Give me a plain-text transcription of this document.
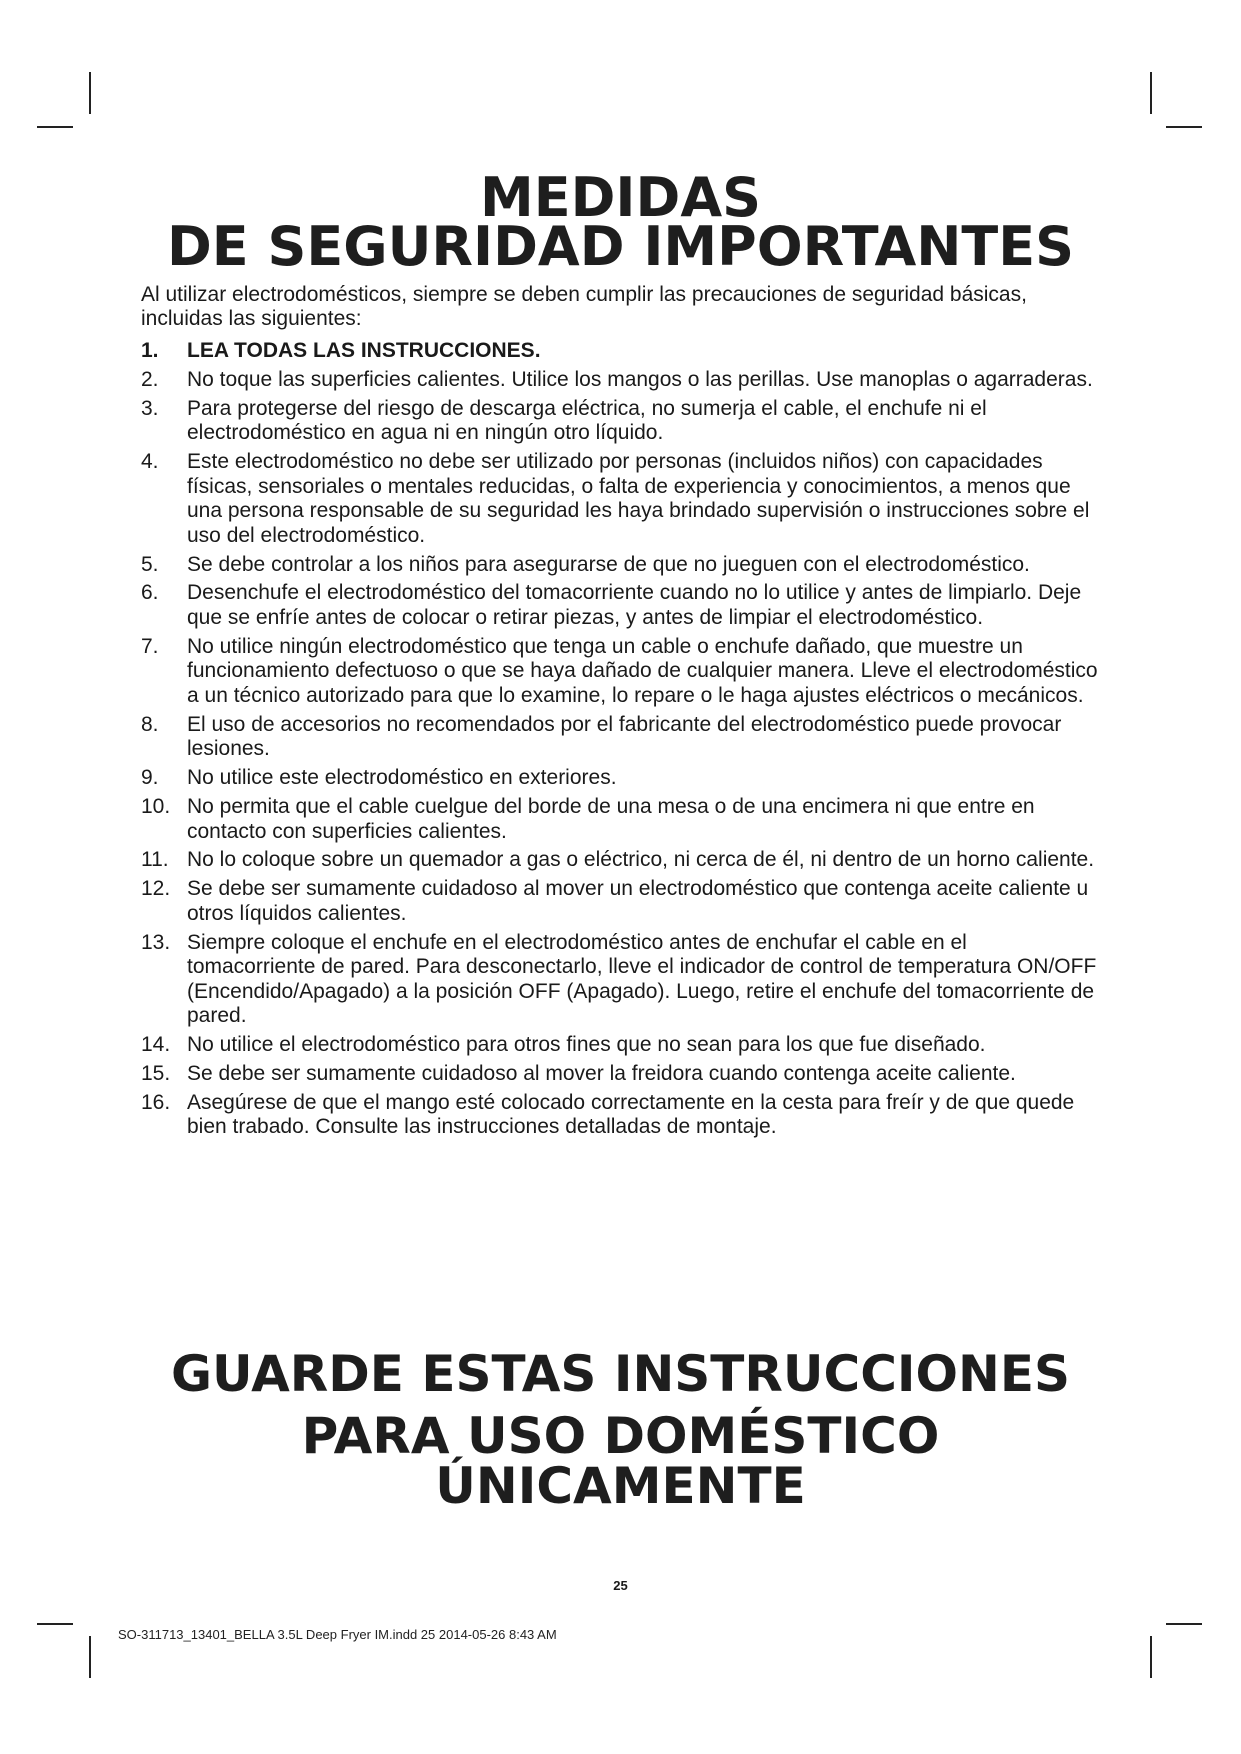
MEDIDAS
DE SEGURIDAD IMPORTANTES

Al utilizar electrodomésticos, siempre se deben cumplir las precauciones de seguridad básicas, incluidas las siguientes:

1. LEA TODAS LAS INSTRUCCIONES.
2. No toque las superficies calientes. Utilice los mangos o las perillas. Use manoplas o agarraderas.
3. Para protegerse del riesgo de descarga eléctrica, no sumerja el cable, el enchufe ni el electrodoméstico en agua ni en ningún otro líquido.
4. Este electrodoméstico no debe ser utilizado por personas (incluidos niños) con capacidades físicas, sensoriales o mentales reducidas, o falta de experiencia y conocimientos, a menos que una persona responsable de su seguridad les haya brindado supervisión o instrucciones sobre el uso del electrodoméstico.
5. Se debe controlar a los niños para asegurarse de que no jueguen con el electrodoméstico.
6. Desenchufe el electrodoméstico del tomacorriente cuando no lo utilice y antes de limpiarlo. Deje que se enfríe antes de colocar o retirar piezas, y antes de limpiar el electrodoméstico.
7. No utilice ningún electrodoméstico que tenga un cable o enchufe dañado, que muestre un funcionamiento defectuoso o que se haya dañado de cualquier manera. Lleve el electrodoméstico a un técnico autorizado para que lo examine, lo repare o le haga ajustes eléctricos o mecánicos.
8. El uso de accesorios no recomendados por el fabricante del electrodoméstico puede provocar lesiones.
9. No utilice este electrodoméstico en exteriores.
10. No permita que el cable cuelgue del borde de una mesa o de una encimera ni que entre en contacto con superficies calientes.
11. No lo coloque sobre un quemador a gas o eléctrico, ni cerca de él, ni dentro de un horno caliente.
12. Se debe ser sumamente cuidadoso al mover un electrodoméstico que contenga aceite caliente u otros líquidos calientes.
13. Siempre coloque el enchufe en el electrodoméstico antes de enchufar el cable en el tomacorriente de pared. Para desconectarlo, lleve el indicador de control de temperatura ON/OFF (Encendido/Apagado) a la posición OFF (Apagado). Luego, retire el enchufe del tomacorriente de pared.
14. No utilice el electrodoméstico para otros fines que no sean para los que fue diseñado.
15. Se debe ser sumamente cuidadoso al mover la freidora cuando contenga aceite caliente.
16. Asegúrese de que el mango esté colocado correctamente en la cesta para freír y de que quede bien trabado. Consulte las instrucciones detalladas de montaje.
GUARDE ESTAS INSTRUCCIONES
PARA USO DOMÉSTICO
ÚNICAMENTE
25
SO-311713_13401_BELLA 3.5L Deep Fryer IM.indd 25 2014-05-26 8:43 AM
